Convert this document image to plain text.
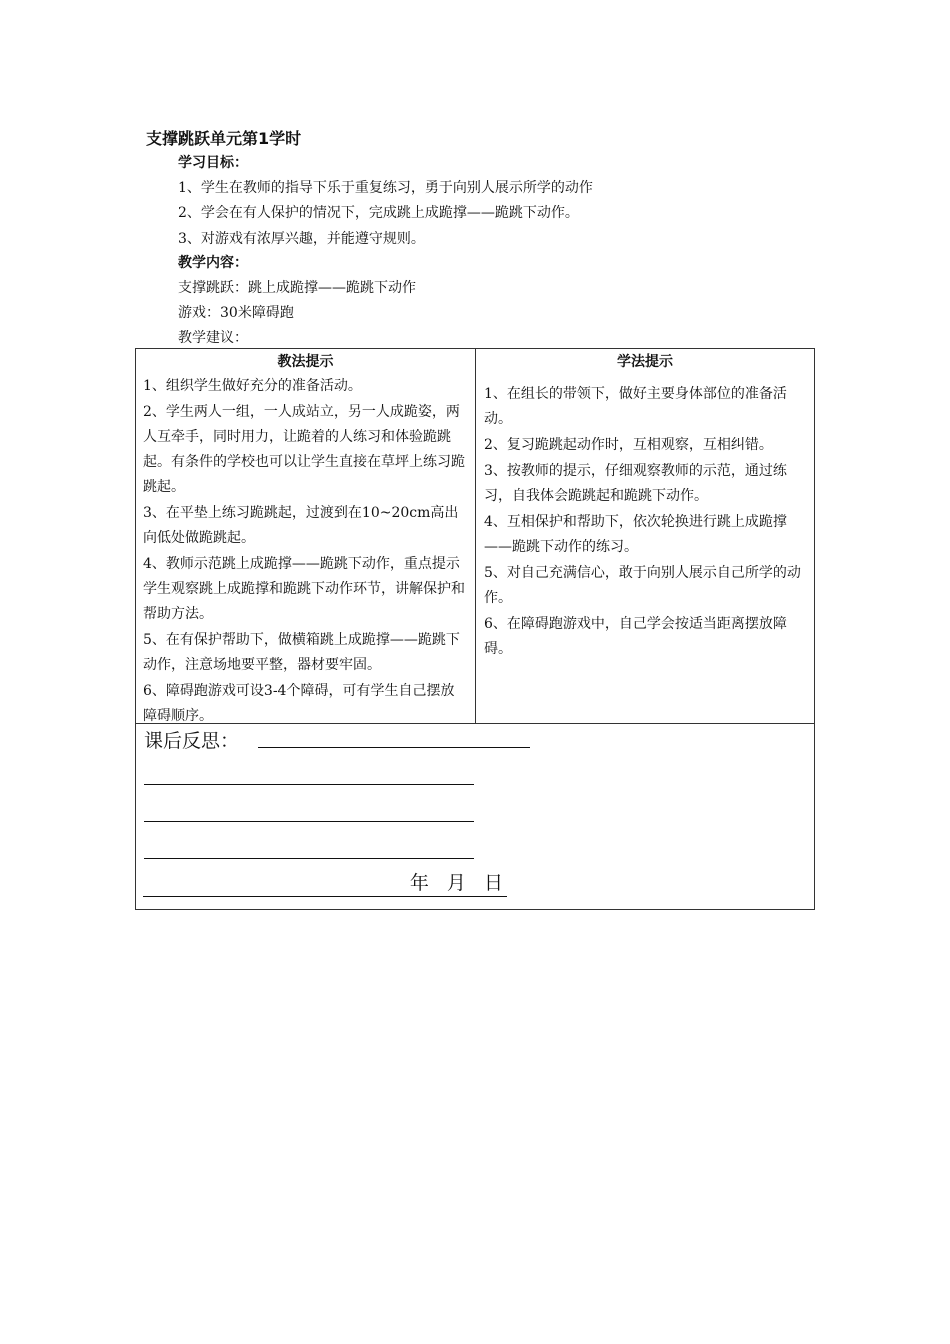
支撑跳跃单元第1学时
学习目标：
1、学生在教师的指导下乐于重复练习，勇于向别人展示所学的动作
2、学会在有人保护的情况下，完成跳上成跪撑——跪跳下动作。
3、对游戏有浓厚兴趣，并能遵守规则。
教学内容：
支撑跳跃：跳上成跪撑——跪跳下动作
游戏：30米障碍跑
教学建议：
教法提示

1、组织学生做好充分的准备活动。

2、学生两人一组，一人成站立，另一人成跪姿，两人互牵手，同时用力，让跪着的人练习和体验跪跳起。有条件的学校也可以让学生直接在草坪上练习跪跳起。

3、在平垫上练习跪跳起，过渡到在10~20cm高出向低处做跪跳起。

4、教师示范跳上成跪撑——跪跳下动作，重点提示学生观察跳上成跪撑和跪跳下动作环节，讲解保护和帮助方法。

5、在有保护帮助下，做横箱跳上成跪撑——跪跳下动作，注意场地要平整，器材要牢固。

6、障碍跑游戏可设3-4个障碍，可有学生自己摆放障碍顺序。

学法提示

1、在组长的带领下，做好主要身体部位的准备活动。

2、复习跪跳起动作时，互相观察，互相纠错。

3、按教师的提示，仔细观察教师的示范，通过练习，自我体会跪跳起和跪跳下动作。

4、互相保护和帮助下，依次轮换进行跳上成跪撑——跪跳下动作的练习。

5、对自己充满信心，敢于向别人展示自己所学的动作。

6、在障碍跑游戏中，自己学会按适当距离摆放障碍。

课后反思：
年  月  日
